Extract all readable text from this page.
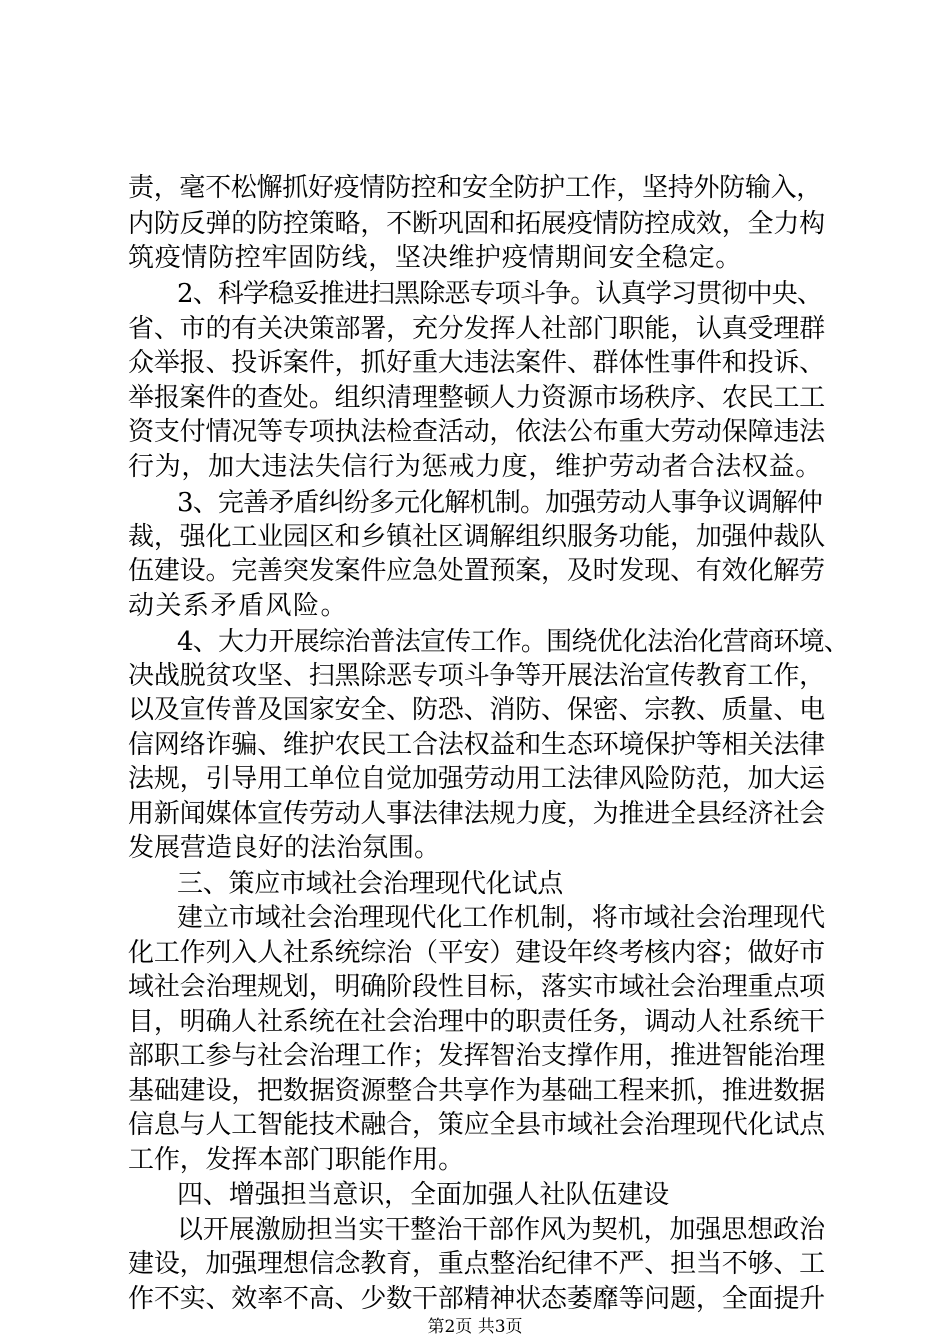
责，毫不松懈抓好疫情防控和安全防护工作，坚持外防输入，
内防反弹的防控策略，不断巩固和拓展疫情防控成效，全力构
筑疫情防控牢固防线，坚决维护疫情期间安全稳定。
2、科学稳妥推进扫黑除恶专项斗争。认真学习贯彻中央、
省、市的有关决策部署，充分发挥人社部门职能，认真受理群
众举报、投诉案件，抓好重大违法案件、群体性事件和投诉、
举报案件的查处。组织清理整顿人力资源市场秩序、农民工工
资支付情况等专项执法检查活动，依法公布重大劳动保障违法
行为，加大违法失信行为惩戒力度，维护劳动者合法权益。
3、完善矛盾纠纷多元化解机制。加强劳动人事争议调解仲
裁，强化工业园区和乡镇社区调解组织服务功能，加强仲裁队
伍建设。完善突发案件应急处置预案，及时发现、有效化解劳
动关系矛盾风险。
4、大力开展综治普法宣传工作。围绕优化法治化营商环境、
决战脱贫攻坚、扫黑除恶专项斗争等开展法治宣传教育工作，
以及宣传普及国家安全、防恐、消防、保密、宗教、质量、电
信网络诈骗、维护农民工合法权益和生态环境保护等相关法律
法规，引导用工单位自觉加强劳动用工法律风险防范，加大运
用新闻媒体宣传劳动人事法律法规力度，为推进全县经济社会
发展营造良好的法治氛围。
三、策应市域社会治理现代化试点
建立市域社会治理现代化工作机制，将市域社会治理现代
化工作列入人社系统综治（平安）建设年终考核内容；做好市
域社会治理规划，明确阶段性目标，落实市域社会治理重点项
目，明确人社系统在社会治理中的职责任务，调动人社系统干
部职工参与社会治理工作；发挥智治支撑作用，推进智能治理
基础建设，把数据资源整合共享作为基础工程来抓，推进数据
信息与人工智能技术融合，策应全县市域社会治理现代化试点
工作，发挥本部门职能作用。
四、增强担当意识，全面加强人社队伍建设
以开展激励担当实干整治干部作风为契机，加强思想政治
建设，加强理想信念教育，重点整治纪律不严、担当不够、工
作不实、效率不高、少数干部精神状态萎靡等问题，全面提升
第2页 共3页
